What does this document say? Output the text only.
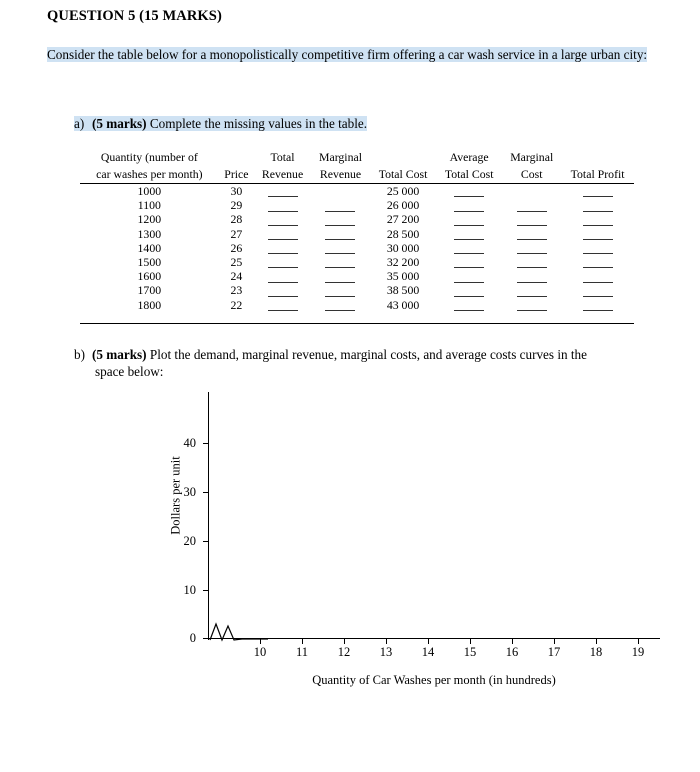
QUESTION 5 (15 MARKS)
Consider the table below for a monopolistically competitive firm offering a car wash service in a large urban city:
a) (5 marks) Complete the missing values in the table.
Quantity (number of		Total	Marginal		Average	Marginal	
car washes per month)	Price	Revenue	Revenue	Total Cost	Total Cost	Cost	Total Profit
1000	30			25 000			
1100	29			26 000			
1200	28			27 200			
1300	27			28 500			
1400	26			30 000			
1500	25			32 200			
1600	24			35 000			
1700	23			38 500			
1800	22			43 000			
b) (5 marks) Plot the demand, marginal revenue, marginal costs, and average costs curves in the
space below:
Dollars per unit
0
10
20
30
40
10	11	12	13	14	15	16	17	18	19
Quantity of Car Washes per month (in hundreds)
